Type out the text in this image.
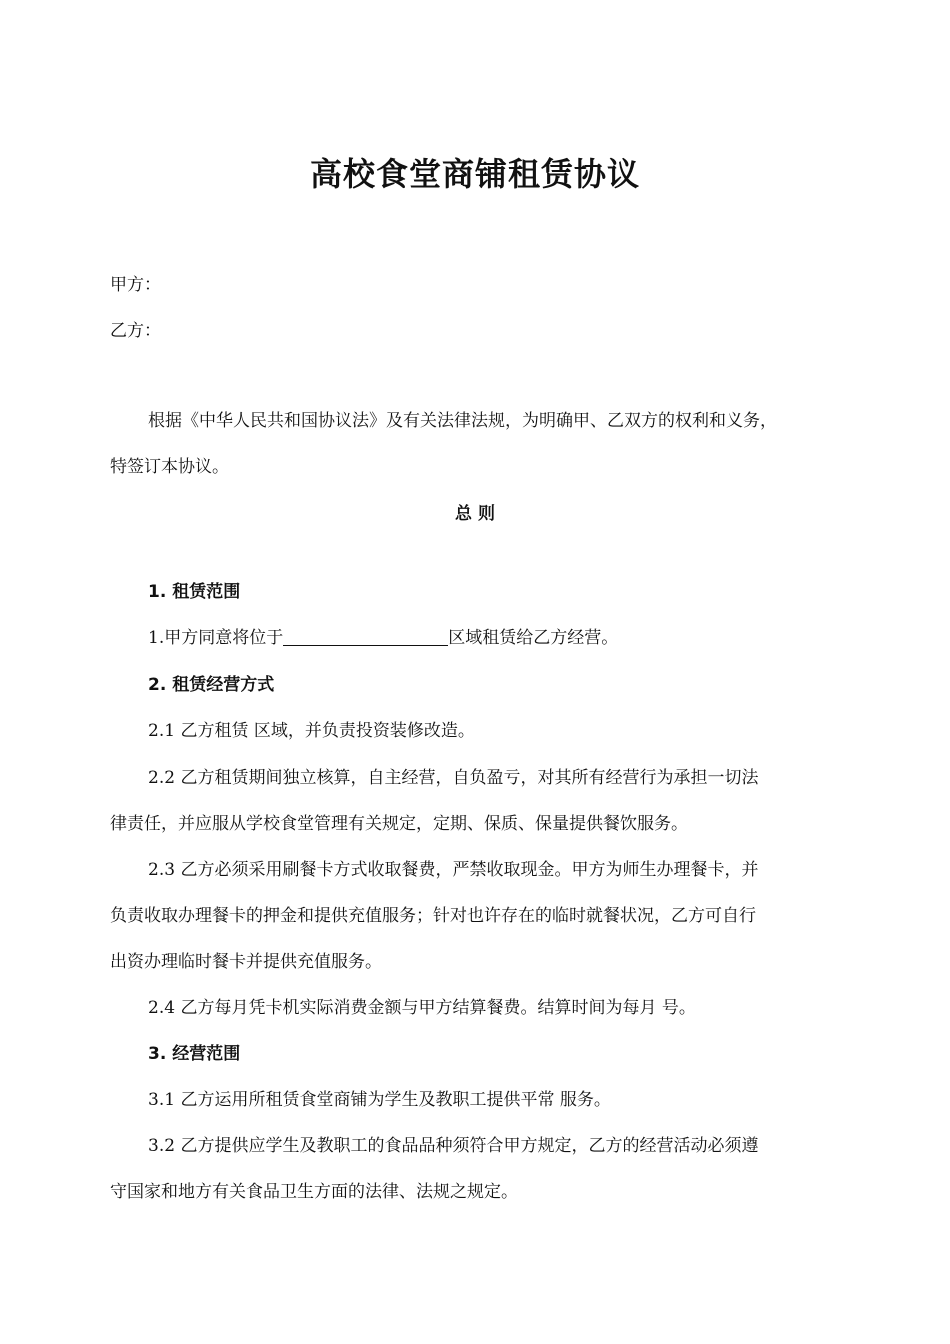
高校食堂商铺租赁协议
甲方：
乙方：
根据《中华人民共和国协议法》及有关法律法规，为明确甲、乙双方的权利和义务，
特签订本协议。
总 则
1. 租赁范围
1.甲方同意将位于	区域租赁给乙方经营。
2. 租赁经营方式
2.1 乙方租赁 区域，并负责投资装修改造。
2.2 乙方租赁期间独立核算，自主经营，自负盈亏，对其所有经营行为承担一切法
律责任，并应服从学校食堂管理有关规定，定期、保质、保量提供餐饮服务。
2.3 乙方必须采用刷餐卡方式收取餐费，严禁收取现金。甲方为师生办理餐卡，并
负责收取办理餐卡的押金和提供充值服务；针对也许存在的临时就餐状况，乙方可自行
出资办理临时餐卡并提供充值服务。
2.4 乙方每月凭卡机实际消费金额与甲方结算餐费。结算时间为每月 号。
3. 经营范围
3.1 乙方运用所租赁食堂商铺为学生及教职工提供平常 服务。
3.2 乙方提供应学生及教职工的食品品种须符合甲方规定，乙方的经营活动必须遵
守国家和地方有关食品卫生方面的法律、法规之规定。
